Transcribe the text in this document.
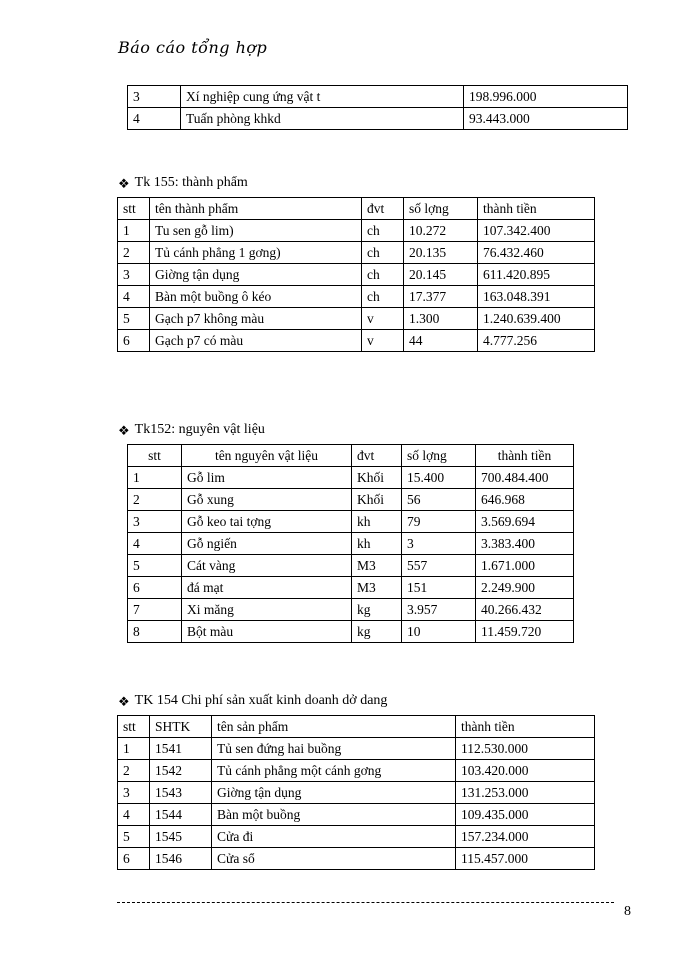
Báo cáo tổng hợp
3	Xí nghiệp cung ứng vật t	198.996.000
4	Tuấn phòng khkd	93.443.000
❖ Tk 155: thành phẩm
stt	tên thành phẩm	đvt	số lợng	thành tiền
1	Tu sen gỗ lim)	ch	10.272	107.342.400
2	Tủ cánh phẳng 1 gơng)	ch	20.135	76.432.460
3	Giờng tận dụng	ch	20.145	611.420.895
4	Bàn một buồng ô kéo	ch	17.377	163.048.391
5	Gạch p7 không màu	v	1.300	1.240.639.400
6	Gạch p7 có màu	v	44	4.777.256
❖ Tk152: nguyên vật liệu
stt	tên nguyên vật liệu	đvt	số lợng	thành tiền
1	Gỗ lim	Khối	15.400	700.484.400
2	Gỗ xung	Khối	56	646.968
3	Gỗ keo tai tợng	kh	79	3.569.694
4	Gỗ ngiến	kh	3	3.383.400
5	Cát vàng	M3	557	1.671.000
6	đá mạt	M3	151	2.249.900
7	Xi măng	kg	3.957	40.266.432
8	Bột màu	kg	10	11.459.720
❖ TK 154 Chi phí sản xuất kinh doanh dở dang
stt	SHTK	tên sản phẩm	thành tiền
1	1541	Tủ sen đứng hai buồng	112.530.000
2	1542	Tủ cánh phẳng một cánh gơng	103.420.000
3	1543	Giờng tận dụng	131.253.000
4	1544	Bàn một buồng	109.435.000
5	1545	Cửa đi	157.234.000
6	1546	Cửa sổ	115.457.000
8
